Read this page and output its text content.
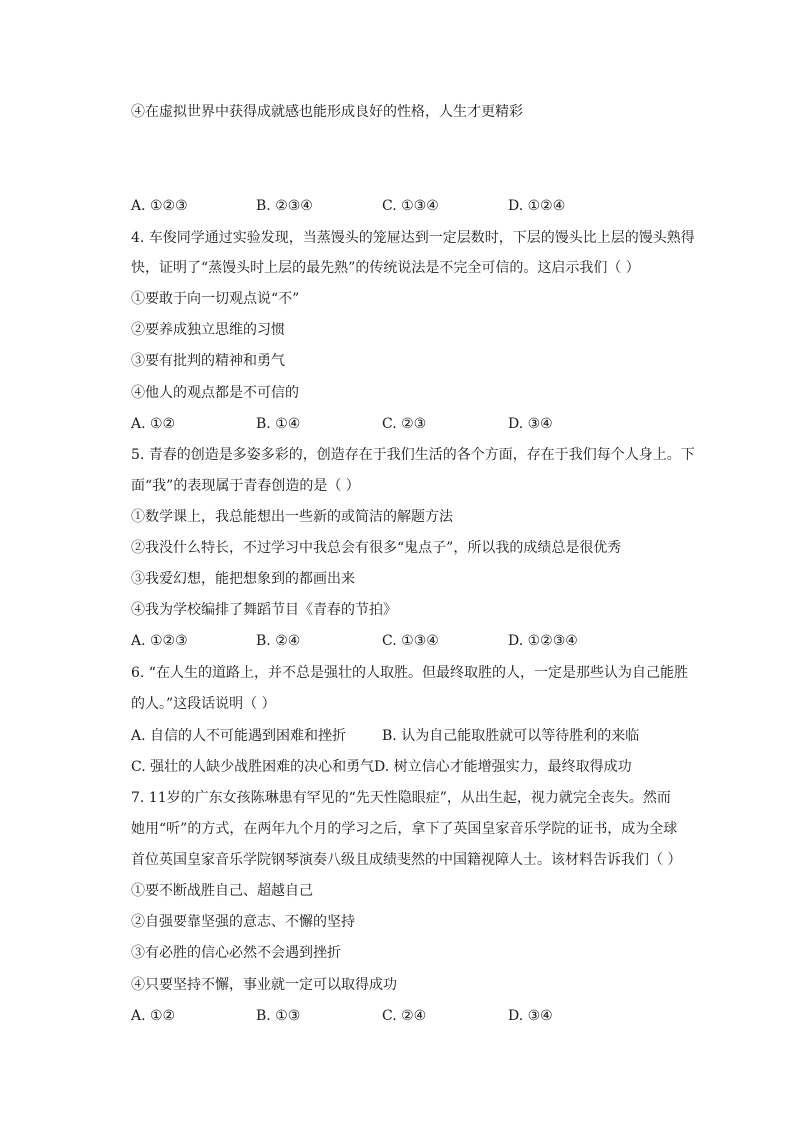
④在虚拟世界中获得成就感也能形成良好的性格，人生才更精彩
A. ①②③	B. ②③④	C. ①③④	D. ①②④
4. 车俊同学通过实验发现，当蒸馒头的笼屉达到一定层数时，下层的馒头比上层的馒头熟得
快，证明了“蒸馒头时上层的最先熟”的传统说法是不完全可信的。这启示我们（ ）
①要敢于向一切观点说“不”
②要养成独立思维的习惯
③要有批判的精神和勇气
④他人的观点都是不可信的
A. ①②	B. ①④	C. ②③	D. ③④
5. 青春的创造是多姿多彩的，创造存在于我们生活的各个方面，存在于我们每个人身上。下
面“我”的表现属于青春创造的是（ ）
①数学课上，我总能想出一些新的或简洁的解题方法
②我没什么特长，不过学习中我总会有很多“鬼点子”，所以我的成绩总是很优秀
③我爱幻想，能把想象到的都画出来
④我为学校编排了舞蹈节目《青春的节拍》
A. ①②③	B. ②④	C. ①③④	D. ①②③④
6. “在人生的道路上，并不总是强壮的人取胜。但最终取胜的人，一定是那些认为自己能胜
的人。”这段话说明（ ）
A. 自信的人不可能遇到困难和挫折	B. 认为自己能取胜就可以等待胜利的来临
C. 强壮的人缺少战胜困难的决心和勇气 D. 树立信心才能增强实力，最终取得成功
7. 11岁的广东女孩陈琳患有罕见的“先天性隐眼症”，从出生起，视力就完全丧失。然而
她用“听”的方式，在两年九个月的学习之后，拿下了英国皇家音乐学院的证书，成为全球
首位英国皇家音乐学院钢琴演奏八级且成绩斐然的中国籍视障人士。该材料告诉我们（ ）
①要不断战胜自己、超越自己
②自强要靠坚强的意志、不懈的坚持
③有必胜的信心必然不会遇到挫折
④只要坚持不懈，事业就一定可以取得成功
A. ①②	B. ①③	C. ②④	D. ③④
